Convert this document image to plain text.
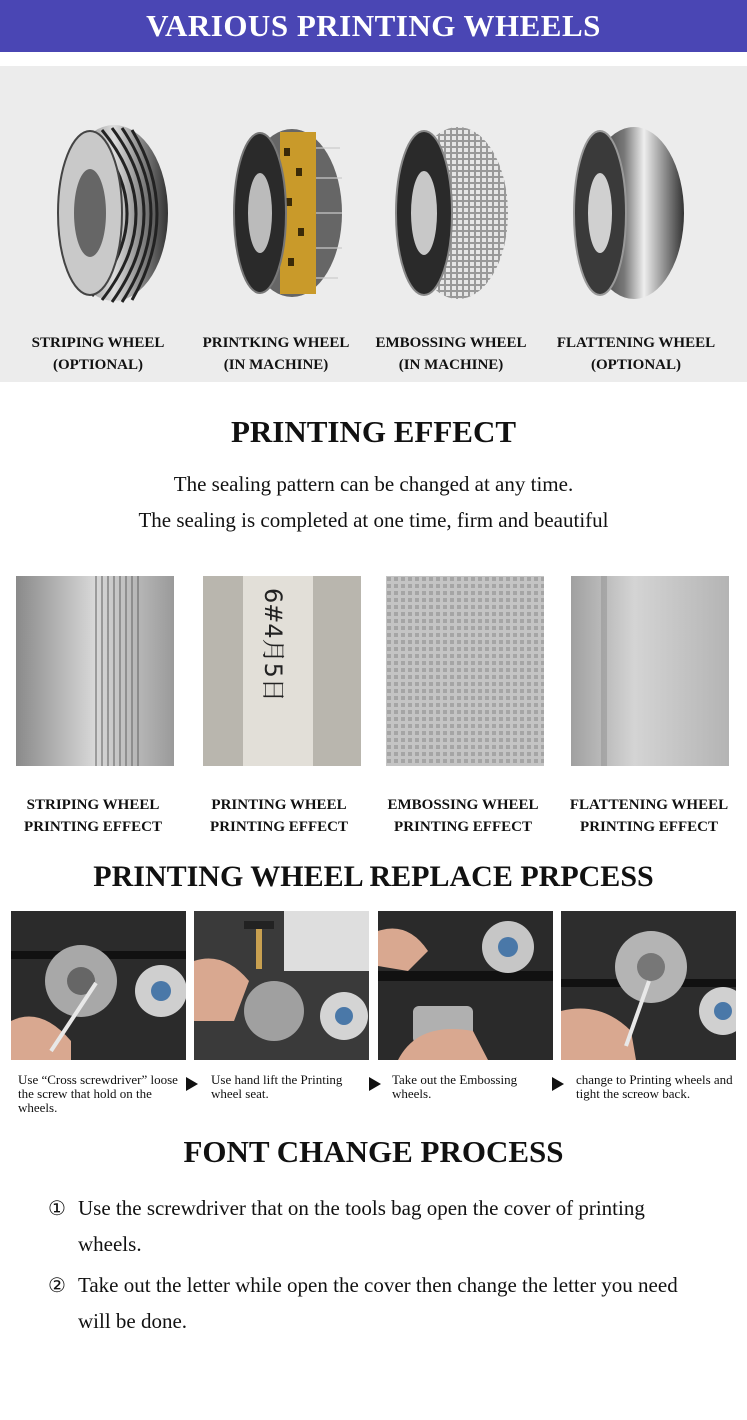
VARIOUS PRINTING WHEELS
STRIPING WHEEL
(OPTIONAL)
PRINTKING WHEEL
(IN MACHINE)
EMBOSSING WHEEL
(IN MACHINE)
FLATTENING WHEEL
(OPTIONAL)
PRINTING EFFECT
The sealing pattern can be changed at any time.
The sealing is completed at one time, firm and beautiful
6#4月5日
STRIPING WHEEL
PRINTING EFFECT
PRINTING WHEEL
PRINTING EFFECT
EMBOSSING WHEEL
PRINTING EFFECT
FLATTENING WHEEL
PRINTING EFFECT
PRINTING WHEEL REPLACE PRPCESS
Use “Cross screwdriver” loose the screw that hold on the wheels.
Use hand lift the Printing wheel seat.
Take out the Embossing wheels.
change to Printing wheels and tight the screow back.
FONT CHANGE PROCESS
① Use the screwdriver that on the tools bag open the cover of printing wheels.
② Take out the letter while open the cover then change the letter you need will be done.
